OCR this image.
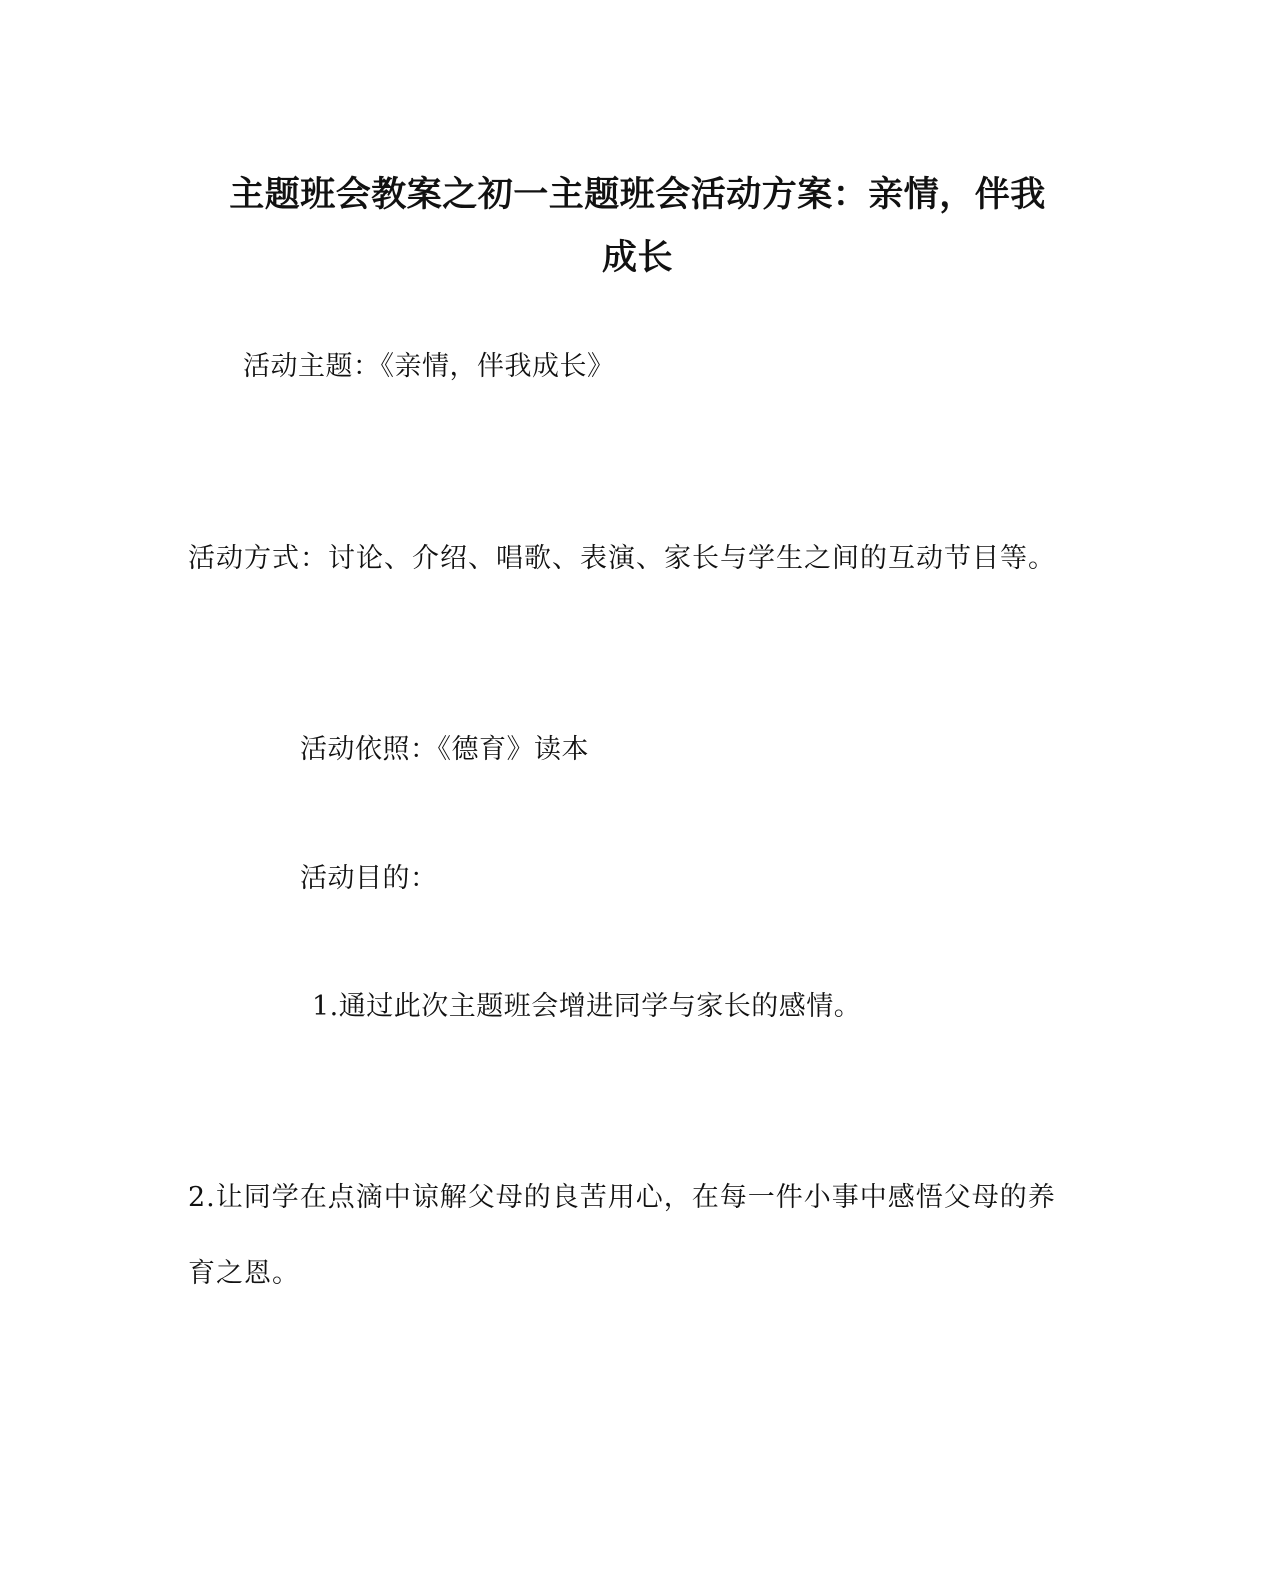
主题班会教案之初一主题班会活动方案：亲情，伴我
成长
活动主题：《亲情，伴我成长》
活动方式：讨论、介绍、唱歌、表演、家长与学生之间的互动节目等。
活动依照：《德育》读本
活动目的：
1.通过此次主题班会增进同学与家长的感情。
2.让同学在点滴中谅解父母的良苦用心，在每一件小事中感悟父母的养育之恩。
